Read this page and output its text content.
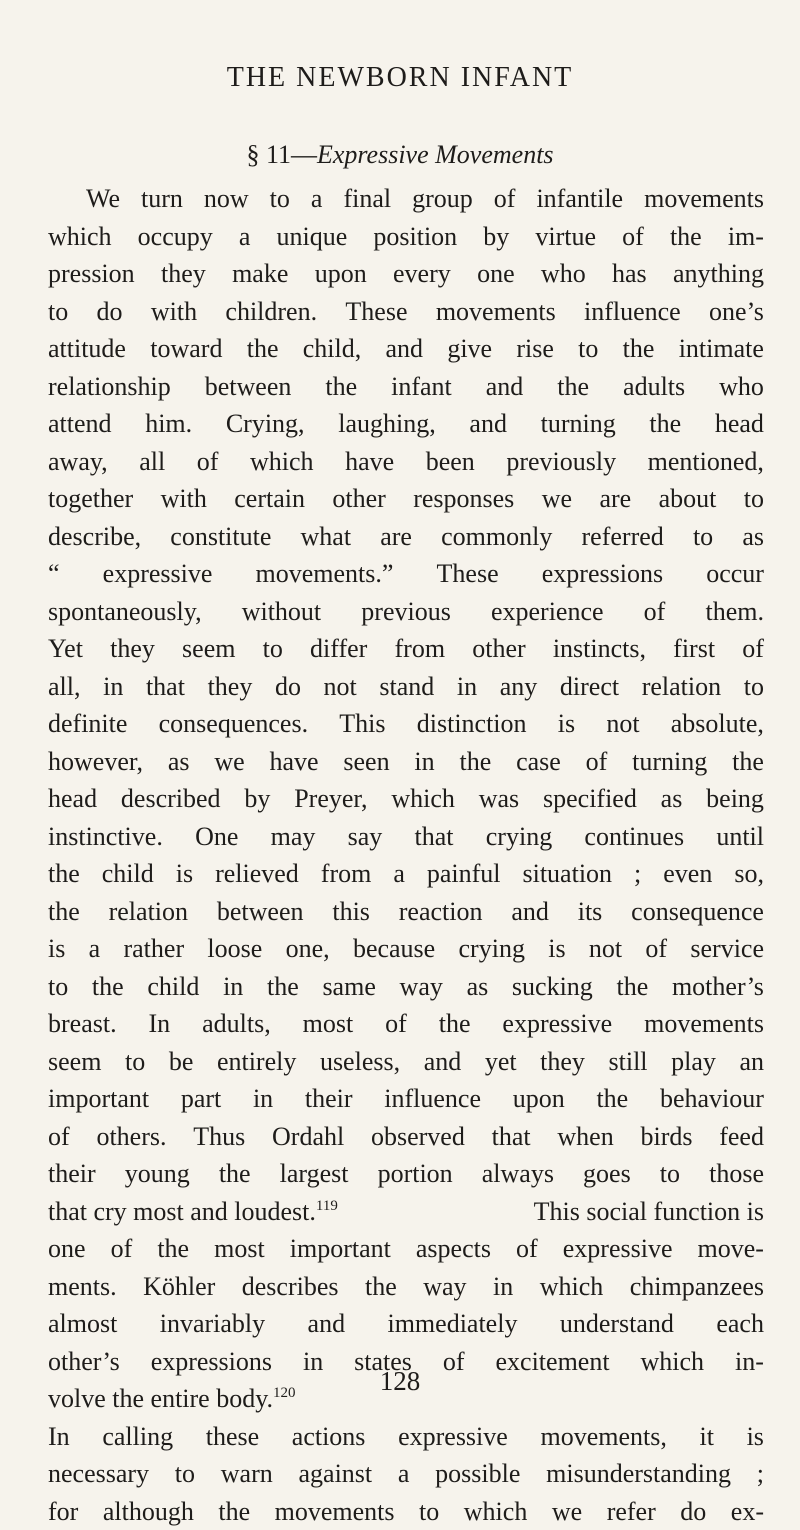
THE NEWBORN INFANT
§ 11—Expressive Movements
We turn now to a final group of infantile movements
which occupy a unique position by virtue of the im-
pression they make upon every one who has anything
to do with children. These movements influence one’s
attitude toward the child, and give rise to the intimate
relationship between the infant and the adults who
attend him. Crying, laughing, and turning the head
away, all of which have been previously mentioned,
together with certain other responses we are about to
describe, constitute what are commonly referred to as
“ expressive movements.” These expressions occur
spontaneously, without previous experience of them.
Yet they seem to differ from other instincts, first of
all, in that they do not stand in any direct relation to
definite consequences. This distinction is not absolute,
however, as we have seen in the case of turning the
head described by Preyer, which was specified as being
instinctive. One may say that crying continues until
the child is relieved from a painful situation ; even so,
the relation between this reaction and its consequence
is a rather loose one, because crying is not of service
to the child in the same way as sucking the mother’s
breast. In adults, most of the expressive movements
seem to be entirely useless, and yet they still play an
important part in their influence upon the behaviour
of others. Thus Ordahl observed that when birds feed
their young the largest portion always goes to those
that cry most and loudest.$^{119}$	This social function is
one of the most important aspects of expressive move-
ments. Köhler describes the way in which chimpanzees
almost invariably and immediately understand each
other’s expressions in states of excitement which in-
volve the entire body.$^{120}$
In calling these actions expressive movements, it is
necessary to warn against a possible misunderstanding ;
for although the movements to which we refer do ex-
128
